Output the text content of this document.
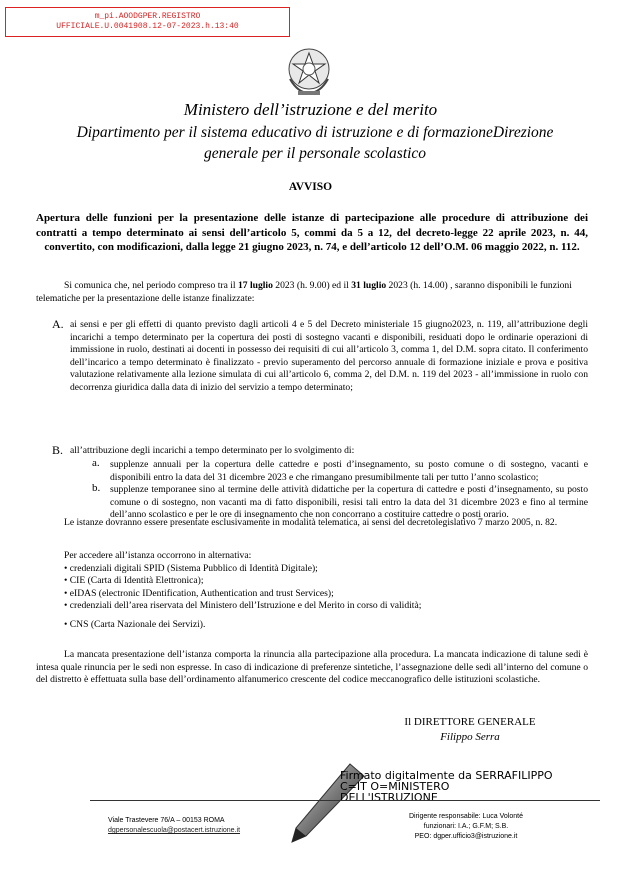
m_pi.AOODGPER.REGISTRO
UFFICIALE.U.0041908.12-07-2023.h.13:40
Ministero dell’istruzione e del merito
Dipartimento per il sistema educativo di istruzione e di formazioneDirezione generale per il personale scolastico
AVVISO
Apertura delle funzioni per la presentazione delle istanze di partecipazione alle procedure di attribuzione dei contratti a tempo determinato ai sensi dell’articolo 5, commi da 5 a 12, del decreto-legge 22 aprile 2023, n. 44, convertito, con modificazioni, dalla legge 21 giugno 2023, n. 74, e dell’articolo 12 dell’O.M. 06 maggio 2022, n. 112.
Si comunica che, nel periodo compreso tra il 17 luglio 2023 (h. 9.00) ed il 31 luglio 2023 (h. 14.00) , saranno disponibili le funzioni telematiche per la presentazione delle istanze finalizzate:
A. ai sensi e per gli effetti di quanto previsto dagli articoli 4 e 5 del Decreto ministeriale 15 giugno2023, n. 119, all’attribuzione degli incarichi a tempo determinato per la copertura dei posti di sostegno vacanti e disponibili, residuati dopo le ordinarie operazioni di immissione in ruolo, destinati ai docenti in possesso dei requisiti di cui all’articolo 3, comma 1, del D.M. sopra citato. Il conferimento dell’incarico a tempo determinato è finalizzato - previo superamento del percorso annuale di formazione iniziale e prova e positiva valutazione relativamente alla lezione simulata di cui all’articolo 6, comma 2, del D.M. n. 119 del 2023 - all’immissione in ruolo con decorrenza giuridica dalla data di inizio del servizio a tempo determinato;
B. all’attribuzione degli incarichi a tempo determinato per lo svolgimento di:
a. supplenze annuali per la copertura delle cattedre e posti d’insegnamento, su posto comune o di sostegno, vacanti e disponibili entro la data del 31 dicembre 2023 e che rimangano presumibilmente tali per tutto l’anno scolastico;
b. supplenze temporanee sino al termine delle attività didattiche per la copertura di cattedre e posti d’insegnamento, su posto comune o di sostegno, non vacanti ma di fatto disponibili, resisi tali entro la data del 31 dicembre 2023 e fino al termine dell’anno scolastico e per le ore di insegnamento che non concorrano a costituire cattedre o posti orario.
Le istanze dovranno essere presentate esclusivamente in modalità telematica, ai sensi del decretolegislativo 7 marzo 2005, n. 82.
Per accedere all’istanza occorrono in alternativa:
• credenziali digitali SPID (Sistema Pubblico di Identità Digitale);
• CIE (Carta di Identità Elettronica);
• eIDAS (electronic IDentification, Authentication and trust Services);
• credenziali dell’area riservata del Ministero dell’Istruzione e del Merito in corso di validità;
• CNS (Carta Nazionale dei Servizi).
La mancata presentazione dell’istanza comporta la rinuncia alla partecipazione alla procedura. La mancata indicazione di talune sedi è intesa quale rinuncia per le sedi non espresse. In caso di indicazione di preferenze sintetiche, l’assegnazione delle sedi all’interno del comune o del distretto è effettuata sulla base dell’ordinamento alfanumerico crescente del codice meccanografico delle istituzioni scolastiche.
Il DIRETTORE GENERALE
Filippo Serra
Firmato digitalmente da SERRAFILIPPO
C=IT O=MINISTERO
DELL'ISTRUZIONE
Viale Trastevere 76/A – 00153 ROMA
dgpersonalescuola@postacert.istruzione.it
Dirigente responsabile: Luca Volonté
funzionari: I.A.; G.F.M; S.B.
PEO: dgper.ufficio3@istruzione.it
